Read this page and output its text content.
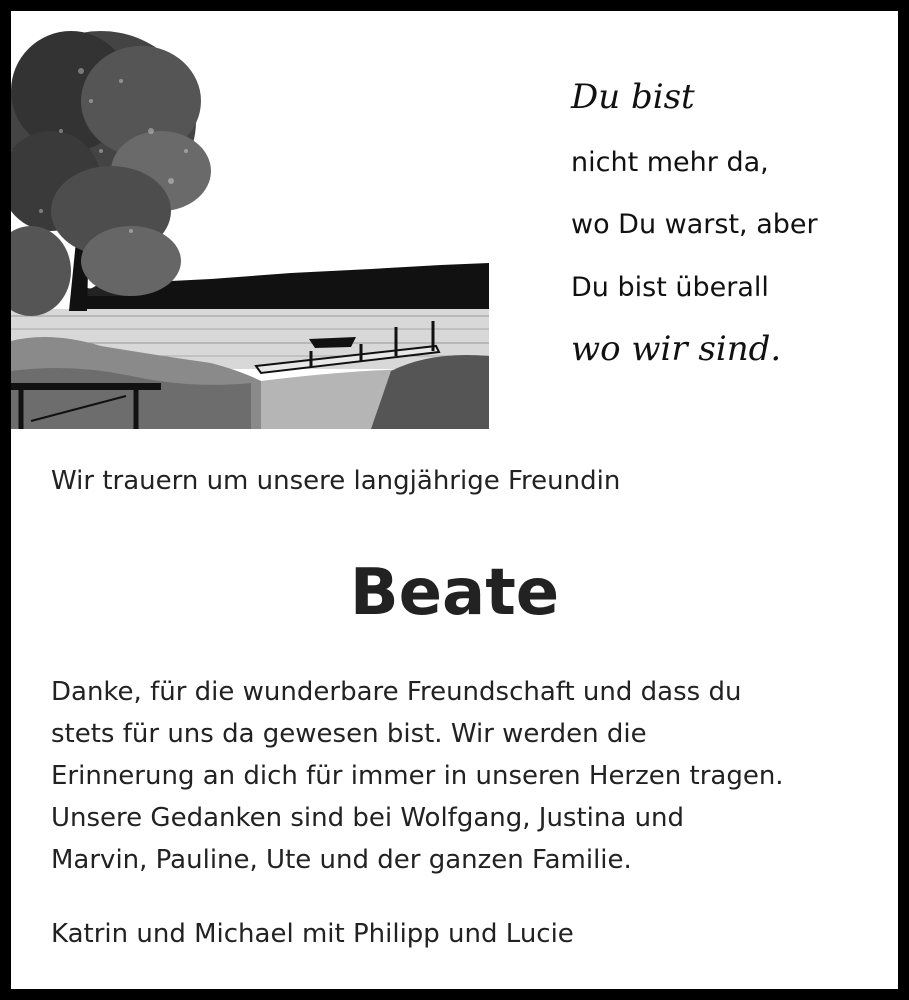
Du bist
nicht mehr da,
wo Du warst, aber
Du bist überall
wo wir sind.
Wir trauern um unsere langjährige Freundin
Beate
Danke, für die wunderbare Freundschaft und dass du
stets für uns da gewesen bist. Wir werden die
Erinnerung an dich für immer in unseren Herzen tragen.
Unsere Gedanken sind bei Wolfgang, Justina und
Marvin, Pauline, Ute und der ganzen Familie.
Katrin und Michael mit Philipp und Lucie
